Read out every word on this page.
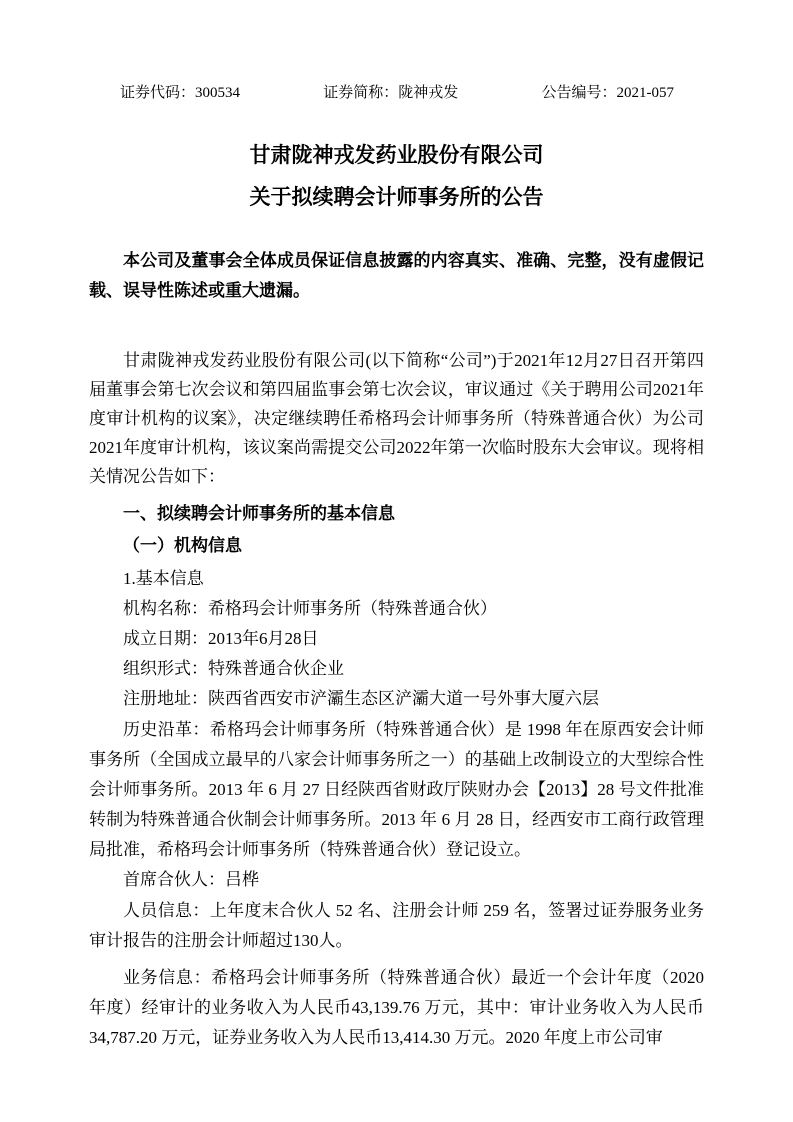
证券代码：300534	证券简称：陇神戎发	公告编号：2021-057

甘肃陇神戎发药业股份有限公司

关于拟续聘会计师事务所的公告

本公司及董事会全体成员保证信息披露的内容真实、准确、完整，没有虚假记载、误导性陈述或重大遗漏。

甘肃陇神戎发药业股份有限公司(以下简称“公司”)于2021年12月27日召开第四届董事会第七次会议和第四届监事会第七次会议，审议通过《关于聘用公司2021年度审计机构的议案》，决定继续聘任希格玛会计师事务所（特殊普通合伙）为公司2021年度审计机构，该议案尚需提交公司2022年第一次临时股东大会审议。现将相关情况公告如下：

一、拟续聘会计师事务所的基本信息

（一）机构信息

1.基本信息

机构名称：希格玛会计师事务所（特殊普通合伙）

成立日期：2013年6月28日

组织形式：特殊普通合伙企业

注册地址：陕西省西安市浐灞生态区浐灞大道一号外事大厦六层

历史沿革：希格玛会计师事务所（特殊普通合伙）是 1998 年在原西安会计师事务所（全国成立最早的八家会计师事务所之一）的基础上改制设立的大型综合性会计师事务所。2013 年 6 月 27 日经陕西省财政厅陕财办会【2013】28 号文件批准转制为特殊普通合伙制会计师事务所。2013 年 6 月 28 日，经西安市工商行政管理局批准，希格玛会计师事务所（特殊普通合伙）登记设立。

首席合伙人：吕桦

人员信息：上年度末合伙人 52 名、注册会计师 259 名，签署过证券服务业务审计报告的注册会计师超过130人。

业务信息：希格玛会计师事务所（特殊普通合伙）最近一个会计年度（2020 年度）经审计的业务收入为人民币43,139.76 万元，其中：审计业务收入为人民币34,787.20 万元，证券业务收入为人民币13,414.30 万元。2020 年度上市公司审
